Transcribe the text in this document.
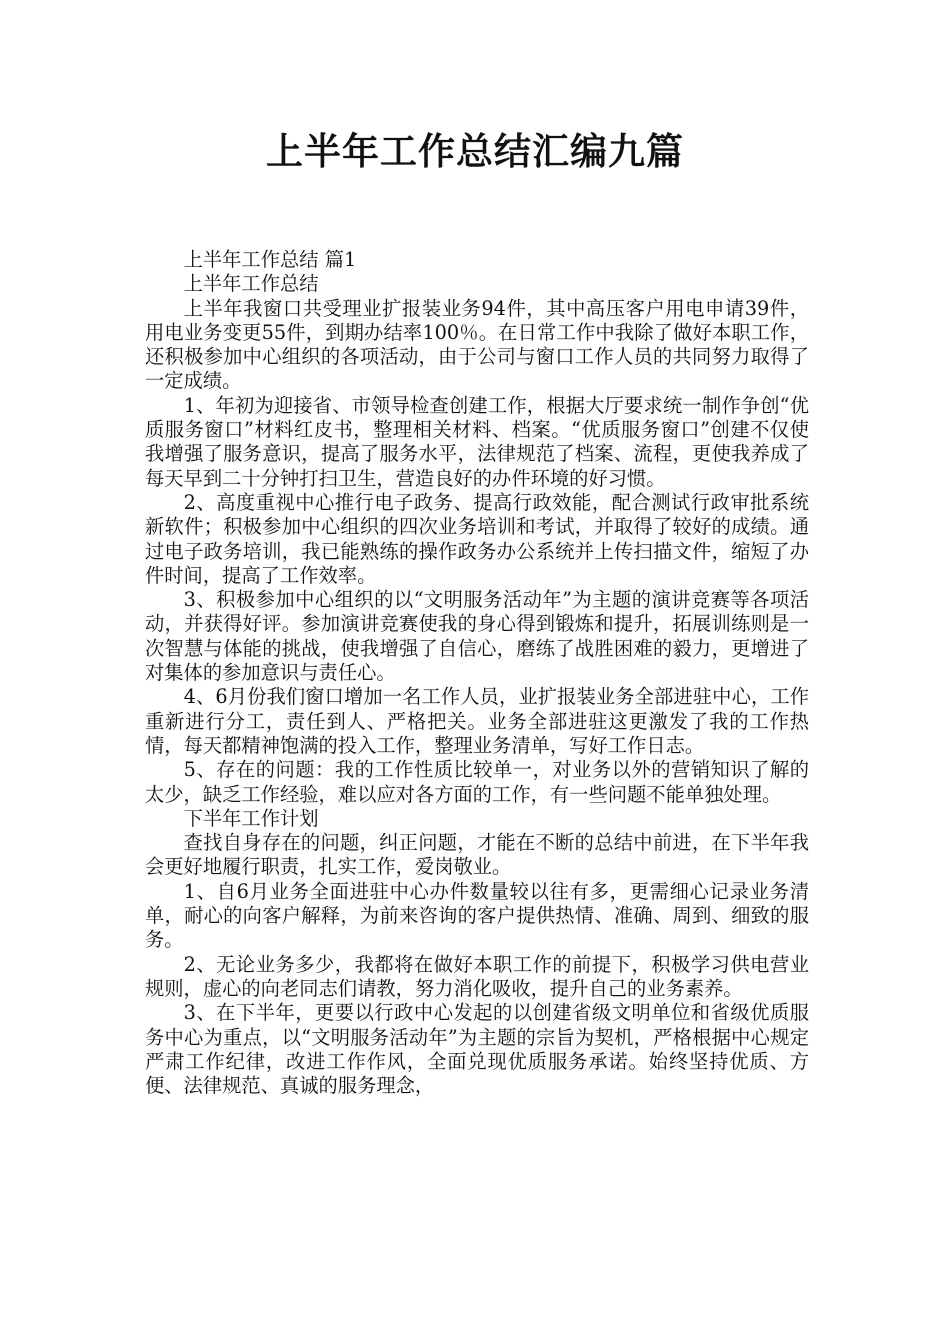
上半年工作总结汇编九篇

上半年工作总结 篇1

上半年工作总结

上半年我窗口共受理业扩报装业务94件，其中高压客户用电申请39件，用电业务变更55件，到期办结率100％。在日常工作中我除了做好本职工作，还积极参加中心组织的各项活动，由于公司与窗口工作人员的共同努力取得了一定成绩。

1、年初为迎接省、市领导检查创建工作，根据大厅要求统一制作争创“优质服务窗口”材料红皮书，整理相关材料、档案。“优质服务窗口”创建不仅使我增强了服务意识，提高了服务水平，法律规范了档案、流程，更使我养成了每天早到二十分钟打扫卫生，营造良好的办件环境的好习惯。

2、高度重视中心推行电子政务、提高行政效能，配合测试行政审批系统新软件；积极参加中心组织的四次业务培训和考试，并取得了较好的成绩。通过电子政务培训，我已能熟练的操作政务办公系统并上传扫描文件，缩短了办件时间，提高了工作效率。

3、积极参加中心组织的以“文明服务活动年”为主题的演讲竞赛等各项活动，并获得好评。参加演讲竞赛使我的身心得到锻炼和提升，拓展训练则是一次智慧与体能的挑战，使我增强了自信心，磨练了战胜困难的毅力，更增进了对集体的参加意识与责任心。

4、6月份我们窗口增加一名工作人员，业扩报装业务全部进驻中心，工作重新进行分工，责任到人、严格把关。业务全部进驻这更激发了我的工作热情，每天都精神饱满的投入工作，整理业务清单，写好工作日志。

5、存在的问题：我的工作性质比较单一，对业务以外的营销知识了解的太少，缺乏工作经验，难以应对各方面的工作，有一些问题不能单独处理。

下半年工作计划

查找自身存在的问题，纠正问题，才能在不断的总结中前进，在下半年我会更好地履行职责，扎实工作，爱岗敬业。

1、自6月业务全面进驻中心办件数量较以往有多，更需细心记录业务清单，耐心的向客户解释，为前来咨询的客户提供热情、准确、周到、细致的服务。

2、无论业务多少，我都将在做好本职工作的前提下，积极学习供电营业规则，虚心的向老同志们请教，努力消化吸收，提升自己的业务素养。

3、在下半年，更要以行政中心发起的以创建省级文明单位和省级优质服务中心为重点，以“文明服务活动年”为主题的宗旨为契机，严格根据中心规定严肃工作纪律，改进工作作风，全面兑现优质服务承诺。始终坚持优质、方便、法律规范、真诚的服务理念，
